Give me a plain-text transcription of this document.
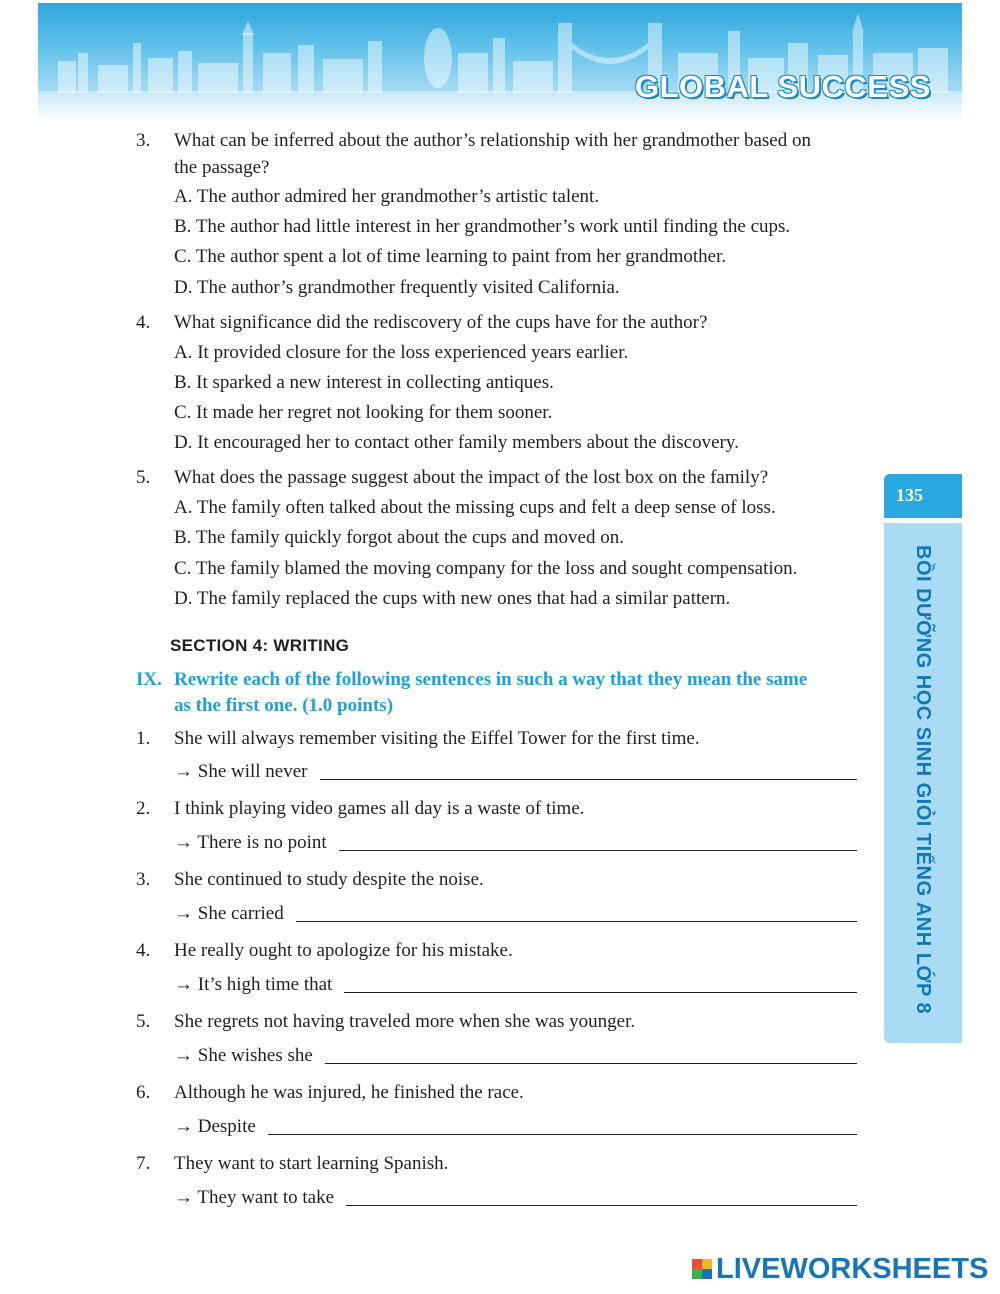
GLOBAL SUCCESS
3. What can be inferred about the author’s relationship with her grandmother based on
the passage?
A. The author admired her grandmother’s artistic talent.
B. The author had little interest in her grandmother’s work until finding the cups.
C. The author spent a lot of time learning to paint from her grandmother.
D. The author’s grandmother frequently visited California.
4. What significance did the rediscovery of the cups have for the author?
A. It provided closure for the loss experienced years earlier.
B. It sparked a new interest in collecting antiques.
C. It made her regret not looking for them sooner.
D. It encouraged her to contact other family members about the discovery.
5. What does the passage suggest about the impact of the lost box on the family?
A. The family often talked about the missing cups and felt a deep sense of loss.
B. The family quickly forgot about the cups and moved on.
C. The family blamed the moving company for the loss and sought compensation.
D. The family replaced the cups with new ones that had a similar pattern.
SECTION 4: WRITING
IX. Rewrite each of the following sentences in such a way that they mean the same
as the first one. (1.0 points)
1. She will always remember visiting the Eiffel Tower for the first time.
→ She will never
2. I think playing video games all day is a waste of time.
→ There is no point
3. She continued to study despite the noise.
→ She carried
4. He really ought to apologize for his mistake.
→ It’s high time that
5. She regrets not having traveled more when she was younger.
→ She wishes she
6. Although he was injured, he finished the race.
→ Despite
7. They want to start learning Spanish.
→ They want to take
135
BỒI DƯỠNG HỌC SINH GIỎI TIẾNG ANH LỚP 8
LIVEWORKSHEETS
